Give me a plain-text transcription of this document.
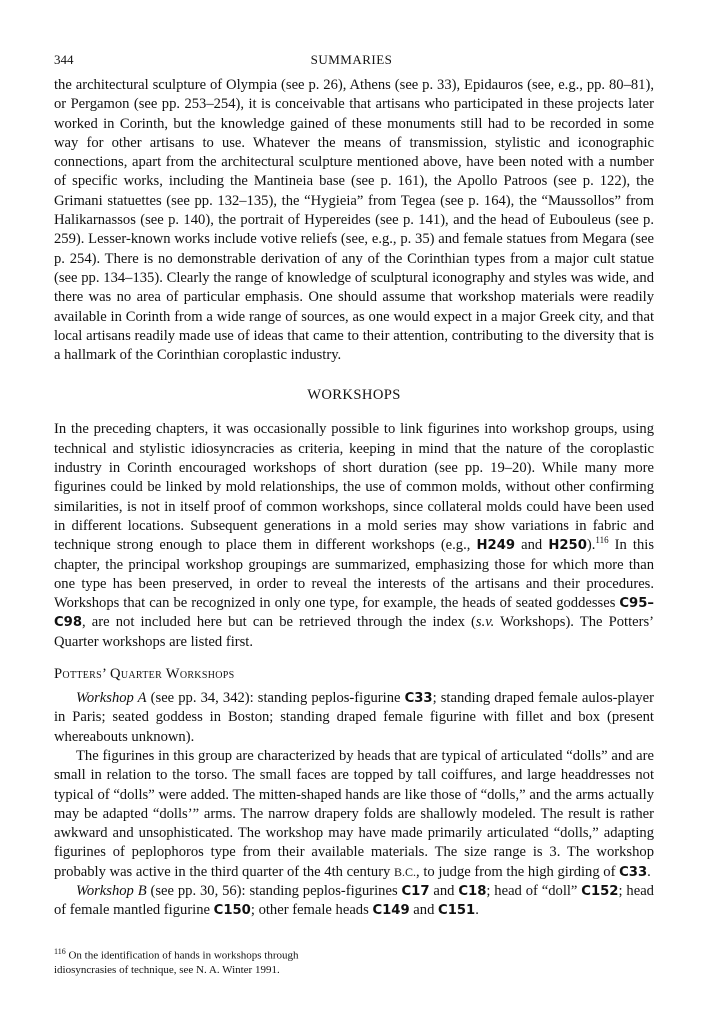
344	SUMMARIES

the architectural sculpture of Olympia (see p. 26), Athens (see p. 33), Epidauros (see, e.g., pp. 80–81), or Pergamon (see pp. 253–254), it is conceivable that artisans who participated in these projects later worked in Corinth, but the knowledge gained of these monuments still had to be recorded in some way for other artisans to use. Whatever the means of transmission, stylistic and iconographic connections, apart from the architectural sculpture mentioned above, have been noted with a number of specific works, including the Mantineia base (see p. 161), the Apollo Patroos (see p. 122), the Grimani statuettes (see pp. 132–135), the “Hygieia” from Tegea (see p. 164), the “Maussollos” from Halikarnassos (see p. 140), the portrait of Hypereides (see p. 141), and the head of Eubouleus (see p. 259). Lesser-known works include votive reliefs (see, e.g., p. 35) and female statues from Megara (see p. 254). There is no demonstrable derivation of any of the Corinthian types from a major cult statue (see pp. 134–135). Clearly the range of knowledge of sculptural iconography and styles was wide, and there was no area of particular emphasis. One should assume that workshop materials were readily available in Corinth from a wide range of sources, as one would expect in a major Greek city, and that local artisans readily made use of ideas that came to their attention, contributing to the diversity that is a hallmark of the Corinthian coroplastic industry.

WORKSHOPS

In the preceding chapters, it was occasionally possible to link figurines into workshop groups, using technical and stylistic idiosyncracies as criteria, keeping in mind that the nature of the coroplastic industry in Corinth encouraged workshops of short duration (see pp. 19–20). While many more figurines could be linked by mold relationships, the use of common molds, without other confirming similarities, is not in itself proof of common workshops, since collateral molds could have been used in different locations. Subsequent generations in a mold series may show variations in fabric and technique strong enough to place them in different workshops (e.g., H249 and H250).$^{116}$ In this chapter, the principal workshop groupings are summarized, emphasizing those for which more than one type has been preserved, in order to reveal the interests of the artisans and their procedures. Workshops that can be recognized in only one type, for example, the heads of seated goddesses C95–C98, are not included here but can be retrieved through the index (s.v. Workshops). The Potters’ Quarter workshops are listed first.

Potters’ Quarter Workshops

Workshop A (see pp. 34, 342): standing peplos-figurine C33; standing draped female aulos-player in Paris; seated goddess in Boston; standing draped female figurine with fillet and box (present whereabouts unknown).

The figurines in this group are characterized by heads that are typical of articulated “dolls” and are small in relation to the torso. The small faces are topped by tall coiffures, and large headdresses not typical of “dolls” were added. The mitten-shaped hands are like those of “dolls,” and the arms actually may be adapted “dolls’” arms. The narrow drapery folds are shallowly modeled. The result is rather awkward and unsophisticated. The workshop may have made primarily articulated “dolls,” adapting figurines of peplophoros type from their available materials. The size range is 3. The workshop probably was active in the third quarter of the 4th century B.C., to judge from the high girding of C33.

Workshop B (see pp. 30, 56): standing peplos-figurines C17 and C18; head of “doll” C152; head of female mantled figurine C150; other female heads C149 and C151.

$^{116}$ On the identification of hands in workshops through idiosyncrasies of technique, see N. A. Winter 1991.
